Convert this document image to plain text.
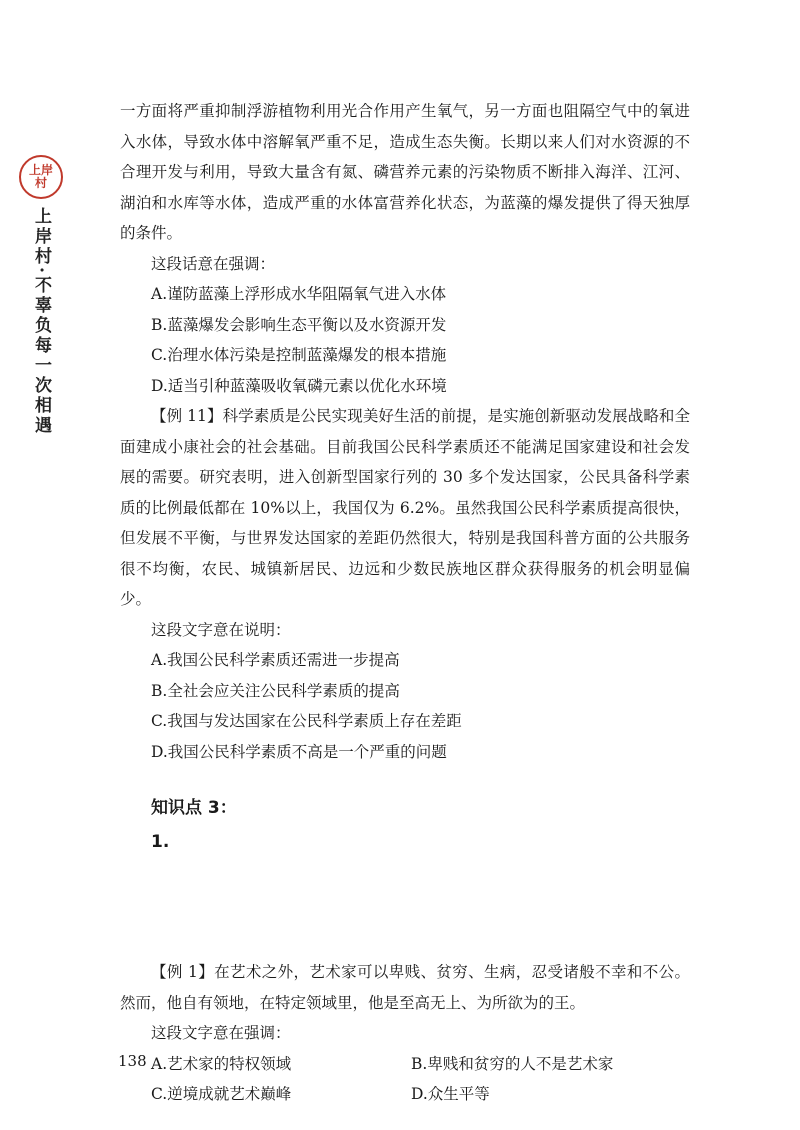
上岸
村
上岸村·不辜负每一次相遇

一方面将严重抑制浮游植物利用光合作用产生氧气，另一方面也阻隔空气中的氧进入水体，导致水体中溶解氧严重不足，造成生态失衡。长期以来人们对水资源的不合理开发与利用，导致大量含有氮、磷营养元素的污染物质不断排入海洋、江河、湖泊和水库等水体，造成严重的水体富营养化状态，为蓝藻的爆发提供了得天独厚的条件。

这段话意在强调：

A.谨防蓝藻上浮形成水华阻隔氧气进入水体

B.蓝藻爆发会影响生态平衡以及水资源开发

C.治理水体污染是控制蓝藻爆发的根本措施

D.适当引种蓝藻吸收氧磷元素以优化水环境

【例 11】科学素质是公民实现美好生活的前提，是实施创新驱动发展战略和全面建成小康社会的社会基础。目前我国公民科学素质还不能满足国家建设和社会发展的需要。研究表明，进入创新型国家行列的 30 多个发达国家，公民具备科学素质的比例最低都在 10%以上，我国仅为 6.2%。虽然我国公民科学素质提高很快，但发展不平衡，与世界发达国家的差距仍然很大，特别是我国科普方面的公共服务很不均衡，农民、城镇新居民、边远和少数民族地区群众获得服务的机会明显偏少。

这段文字意在说明：

A.我国公民科学素质还需进一步提高

B.全社会应关注公民科学素质的提高

C.我国与发达国家在公民科学素质上存在差距

D.我国公民科学素质不高是一个严重的问题

知识点 3：

1.

【例 1】在艺术之外，艺术家可以卑贱、贫穷、生病，忍受诸般不幸和不公。然而，他自有领地，在特定领域里，他是至高无上、为所欲为的王。

这段文字意在强调：

A.艺术家的特权领域	B.卑贱和贫穷的人不是艺术家
C.逆境成就艺术巅峰	D.众生平等
138
